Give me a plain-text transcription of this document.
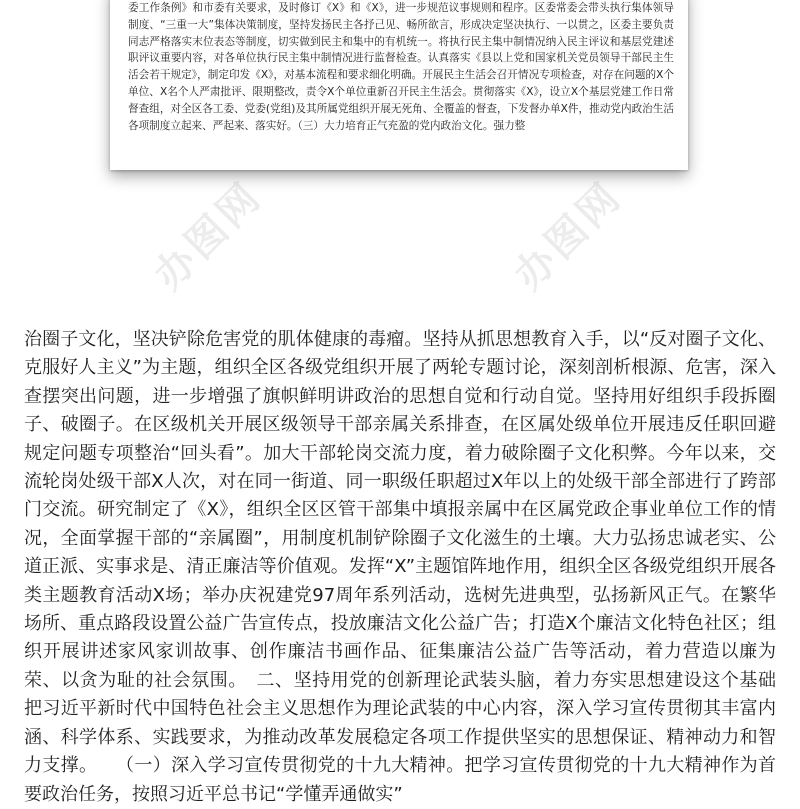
办图网	办图网
委工作条例》和市委有关要求，及时修订《X》和《X》，进一步规范议事规则和程序。区委常委会带头执行集体领导制度、“三重一大”集体决策制度，坚持发扬民主各抒己见、畅所欲言，形成决定坚决执行、一以贯之，区委主要负责同志严格落实末位表态等制度，切实做到民主和集中的有机统一。将执行民主集中制情况纳入民主评议和基层党建述职评议重要内容，对各单位执行民主集中制情况进行监督检查。认真落实《县以上党和国家机关党员领导干部民主生活会若干规定》，制定印发《X》，对基本流程和要求细化明确。开展民主生活会召开情况专项检查，对存在问题的X个单位、X名个人严肃批评、限期整改，责令X个单位重新召开民主生活会。贯彻落实《X》，设立X个基层党建工作日常督查组，对全区各工委、党委(党组)及其所属党组织开展无死角、全覆盖的督查，下发督办单X件，推动党内政治生活各项制度立起来、严起来、落实好。（三）大力培育正气充盈的党内政治文化。强力整
治圈子文化，坚决铲除危害党的肌体健康的毒瘤。坚持从抓思想教育入手，以“反对圈子文化、克服好人主义”为主题，组织全区各级党组织开展了两轮专题讨论，深刻剖析根源、危害，深入查摆突出问题，进一步增强了旗帜鲜明讲政治的思想自觉和行动自觉。坚持用好组织手段拆圈子、破圈子。在区级机关开展区级领导干部亲属关系排查，在区属处级单位开展违反任职回避规定问题专项整治“回头看”。加大干部轮岗交流力度，着力破除圈子文化积弊。今年以来，交流轮岗处级干部X人次，对在同一街道、同一职级任职超过X年以上的处级干部全部进行了跨部门交流。研究制定了《X》，组织全区区管干部集中填报亲属中在区属党政企事业单位工作的情况，全面掌握干部的“亲属圈”，用制度机制铲除圈子文化滋生的土壤。大力弘扬忠诚老实、公道正派、实事求是、清正廉洁等价值观。发挥“X”主题馆阵地作用，组织全区各级党组织开展各类主题教育活动X场；举办庆祝建党97周年系列活动，选树先进典型，弘扬新风正气。在繁华场所、重点路段设置公益广告宣传点，投放廉洁文化公益广告；打造X个廉洁文化特色社区；组织开展讲述家风家训故事、创作廉洁书画作品、征集廉洁公益广告等活动，着力营造以廉为荣、以贪为耻的社会氛围。　二、坚持用党的创新理论武装头脑，着力夯实思想建设这个基础 把习近平新时代中国特色社会主义思想作为理论武装的中心内容，深入学习宣传贯彻其丰富内涵、科学体系、实践要求，为推动改革发展稳定各项工作提供坚实的思想保证、精神动力和智力支撑。　　（一）深入学习宣传贯彻党的十九大精神。把学习宣传贯彻党的十九大精神作为首要政治任务，按照习近平总书记“学懂弄通做实”
